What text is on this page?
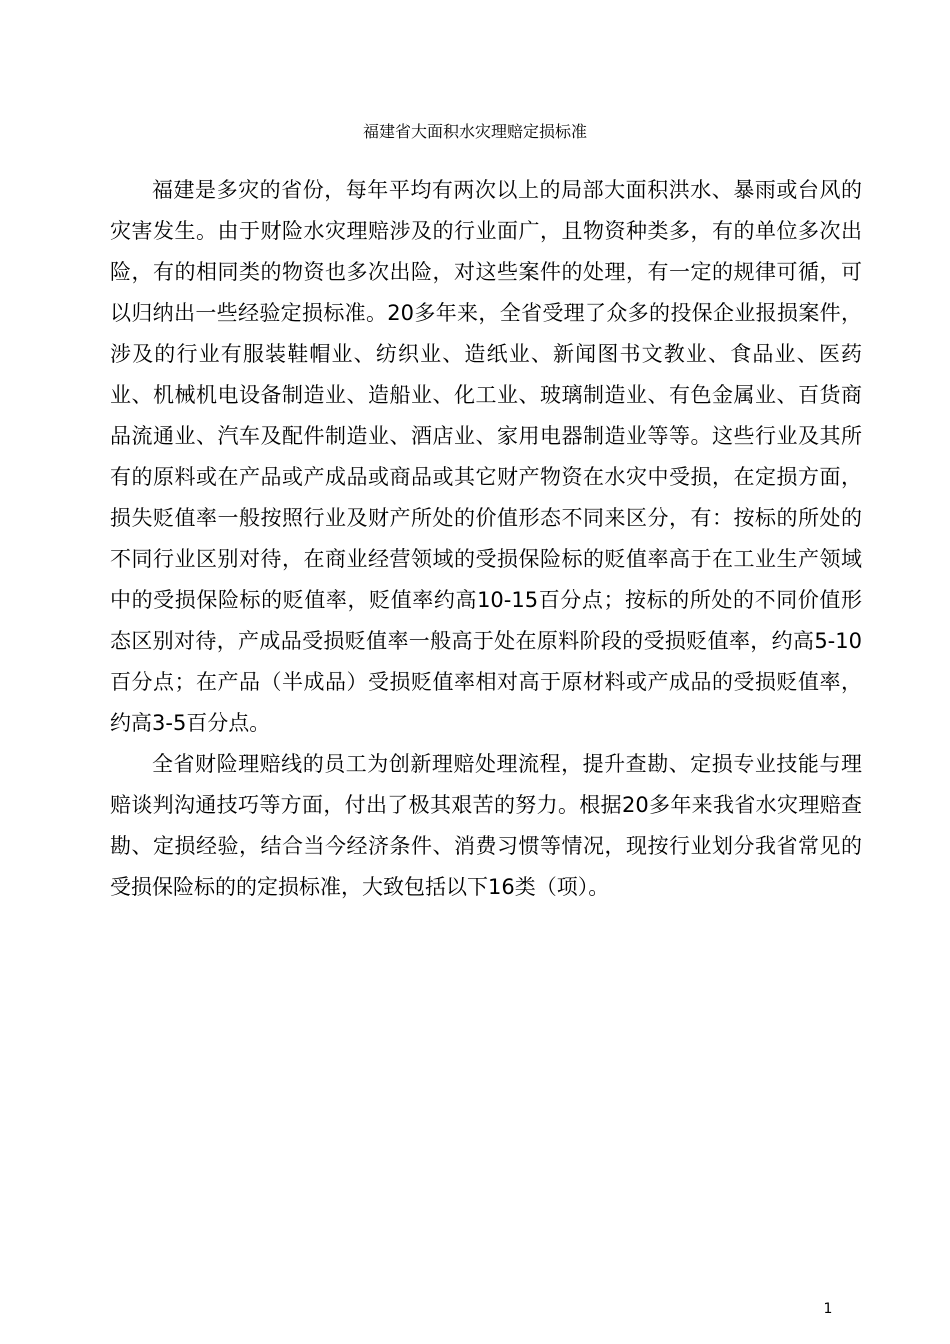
福建省大面积水灾理赔定损标准

福建是多灾的省份，每年平均有两次以上的局部大面积洪水、暴雨或台风的灾害发生。由于财险水灾理赔涉及的行业面广，且物资种类多，有的单位多次出险，有的相同类的物资也多次出险，对这些案件的处理，有一定的规律可循，可以归纳出一些经验定损标准。20多年来，全省受理了众多的投保企业报损案件，涉及的行业有服装鞋帽业、纺织业、造纸业、新闻图书文教业、食品业、医药业、机械机电设备制造业、造船业、化工业、玻璃制造业、有色金属业、百货商品流通业、汽车及配件制造业、酒店业、家用电器制造业等等。这些行业及其所有的原料或在产品或产成品或商品或其它财产物资在水灾中受损，在定损方面，损失贬值率一般按照行业及财产所处的价值形态不同来区分，有：按标的所处的不同行业区别对待，在商业经营领域的受损保险标的贬值率高于在工业生产领域中的受损保险标的贬值率，贬值率约高10-15百分点；按标的所处的不同价值形态区别对待，产成品受损贬值率一般高于处在原料阶段的受损贬值率，约高5-10百分点；在产品（半成品）受损贬值率相对高于原材料或产成品的受损贬值率，约高3-5百分点。

全省财险理赔线的员工为创新理赔处理流程，提升查勘、定损专业技能与理赔谈判沟通技巧等方面，付出了极其艰苦的努力。根据20多年来我省水灾理赔查勘、定损经验，结合当今经济条件、消费习惯等情况，现按行业划分我省常见的受损保险标的的定损标准，大致包括以下16类（项）。

1
